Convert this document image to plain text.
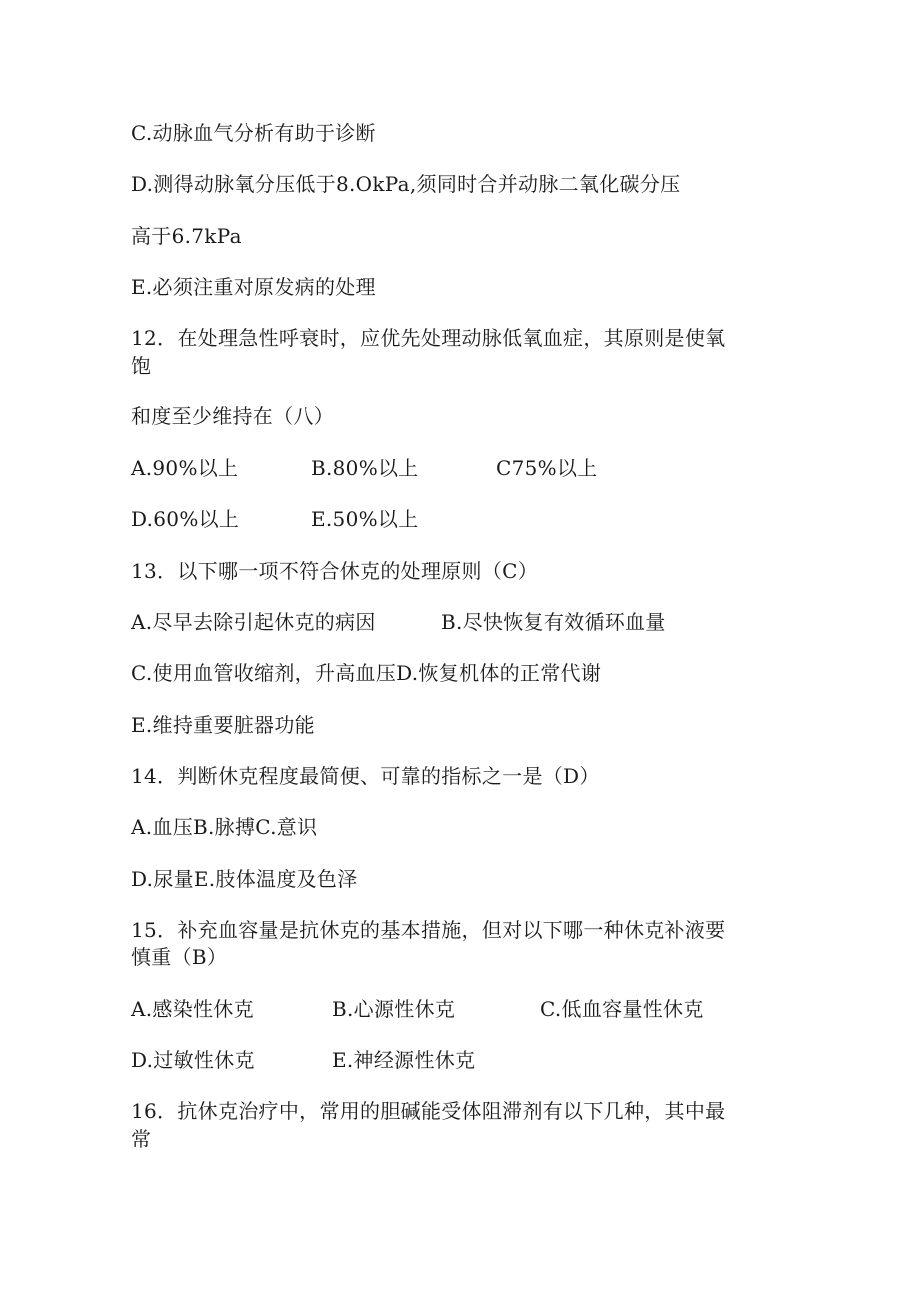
C.动脉血气分析有助于诊断
D.测得动脉氧分压低于8.OkPa,须同时合并动脉二氧化碳分压
高于6.7kPa
E.必须注重对原发病的处理
12．在处理急性呼衰时，应优先处理动脉低氧血症，其原则是使氧
饱
和度至少维持在（八）
A.90%以上	B.80%以上	C75%以上
D.60%以上	E.50%以上
13．以下哪一项不符合休克的处理原则（C）
A.尽早去除引起休克的病因	B.尽快恢复有效循环血量
C.使用血管收缩剂，升高血压D.恢复机体的正常代谢
E.维持重要脏器功能
14．判断休克程度最简便、可靠的指标之一是（D）
A.血压B.脉搏C.意识
D.尿量E.肢体温度及色泽
15．补充血容量是抗休克的基本措施，但对以下哪一种休克补液要
慎重（B）
A.感染性休克	B.心源性休克	C.低血容量性休克
D.过敏性休克	E.神经源性休克
16．抗休克治疗中，常用的胆碱能受体阻滞剂有以下几种，其中最
常
